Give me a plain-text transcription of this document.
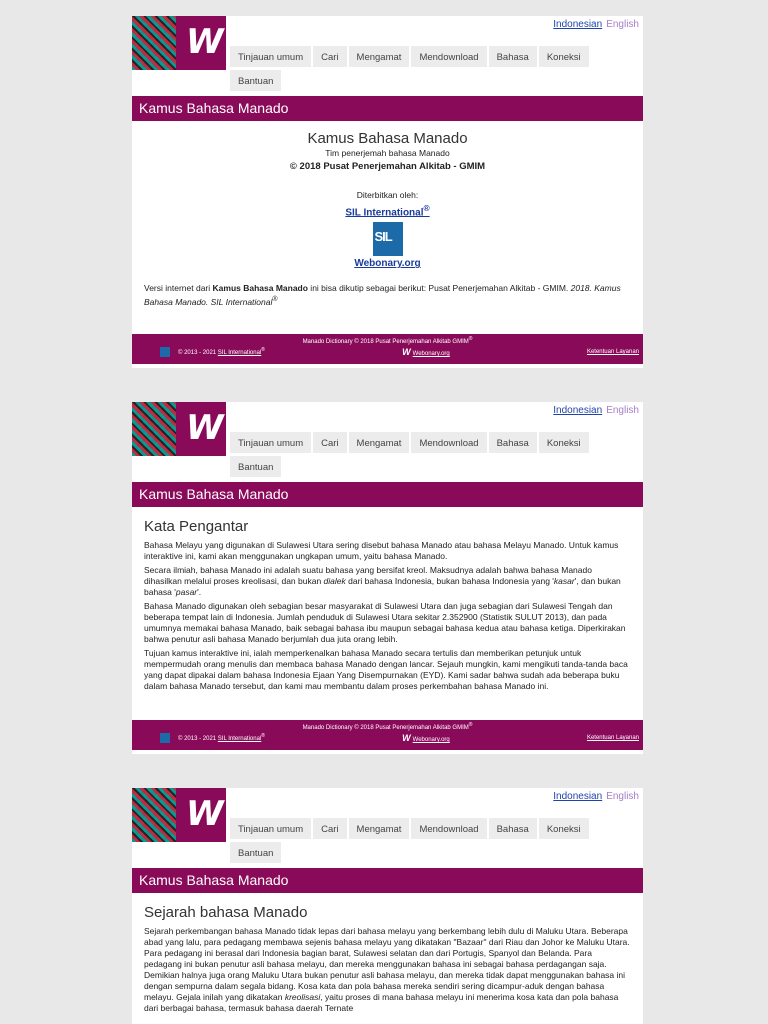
W	Indonesian English
Tinjauan umum Cari Mengamat Mendownload Bahasa KoneksiBantuan
Kamus Bahasa Manado
Kamus Bahasa Manado
Tim penerjemah bahasa Manado
© 2018 Pusat Penerjemahan Alkitab - GMIM
Diterbitkan oleh:
SIL International®
SIL
Webonary.org

Versi internet dari Kamus Bahasa Manado ini bisa dikutip sebagai berikut: Pusat Penerjemahan Alkitab - GMIM. 2018. Kamus Bahasa Manado. SIL International®

Manado Dictionary © 2018 Pusat Penerjemahan Alkitab GMIM®
© 2013 - 2021 SIL International®	W Webonary.org	Ketentuan Layanan
W	Indonesian English
Tinjauan umum Cari Mengamat Mendownload Bahasa KoneksiBantuan
Kamus Bahasa Manado
Kata Pengantar

Bahasa Melayu yang digunakan di Sulawesi Utara sering disebut bahasa Manado atau bahasa Melayu Manado. Untuk kamus interaktive ini, kami akan menggunakan ungkapan umum, yaitu bahasa Manado.

Secara ilmiah, bahasa Manado ini adalah suatu bahasa yang bersifat kreol. Maksudnya adalah bahwa bahasa Manado dihasilkan melalui proses kreolisasi, dan bukan dialek dari bahasa Indonesia, bukan bahasa Indonesia yang 'kasar', dan bukan bahasa 'pasar'.

Bahasa Manado digunakan oleh sebagian besar masyarakat di Sulawesi Utara dan juga sebagian dari Sulawesi Tengah dan beberapa tempat lain di Indonesia. Jumlah penduduk di Sulawesi Utara sekitar 2.352900 (Statistik SULUT 2013), dan pada umumnya memakai bahasa Manado, baik sebagai bahasa ibu maupun sebagai bahasa kedua atau bahasa ketiga. Diperkirakan bahwa penutur asli bahasa Manado berjumlah dua juta orang lebih.

Tujuan kamus interaktive ini, ialah memperkenalkan bahasa Manado secara tertulis dan memberikan petunjuk untuk mempermudah orang menulis dan membaca bahasa Manado dengan lancar. Sejauh mungkin, kami mengikuti tanda-tanda baca yang dapat dipakai dalam bahasa Indonesia Ejaan Yang Disempurnakan (EYD). Kami sadar bahwa sudah ada beberapa buku dalam bahasa Manado tersebut, dan kami mau membantu dalam proses perkembahan bahasa Manado ini.

Manado Dictionary © 2018 Pusat Penerjemahan Alkitab GMIM®
© 2013 - 2021 SIL International®	W Webonary.org	Ketentuan Layanan
W	Indonesian English
Tinjauan umum Cari Mengamat Mendownload Bahasa KoneksiBantuan
Kamus Bahasa Manado
Sejarah bahasa Manado

Sejarah perkembangan bahasa Manado tidak lepas dari bahasa melayu yang berkembang lebih dulu di Maluku Utara. Beberapa abad yang lalu, para pedagang membawa sejenis bahasa melayu yang dikatakan "Bazaar" dari Riau dan Johor ke Maluku Utara. Para pedagang ini berasal dari Indonesia bagian barat, Sulawesi selatan dan dari Portugis, Spanyol dan Belanda. Para pedagang ini bukan penutur asli bahasa melayu, dan mereka menggunakan bahasa ini sebagai bahasa perdagangan saja. Demikian halnya juga orang Maluku Utara bukan penutur asli bahasa melayu, dan mereka tidak dapat menggunakan bahasa ini dengan sempurna dalam segala bidang. Kosa kata dan pola bahasa mereka sendiri sering dicampur-aduk dengan bahasa melayu. Gejala inilah yang dikatakan kreolisasi, yaitu proses di mana bahasa melayu ini menerima kosa kata dan pola bahasa dari berbagai bahasa, termasuk bahasa daerah Ternate
